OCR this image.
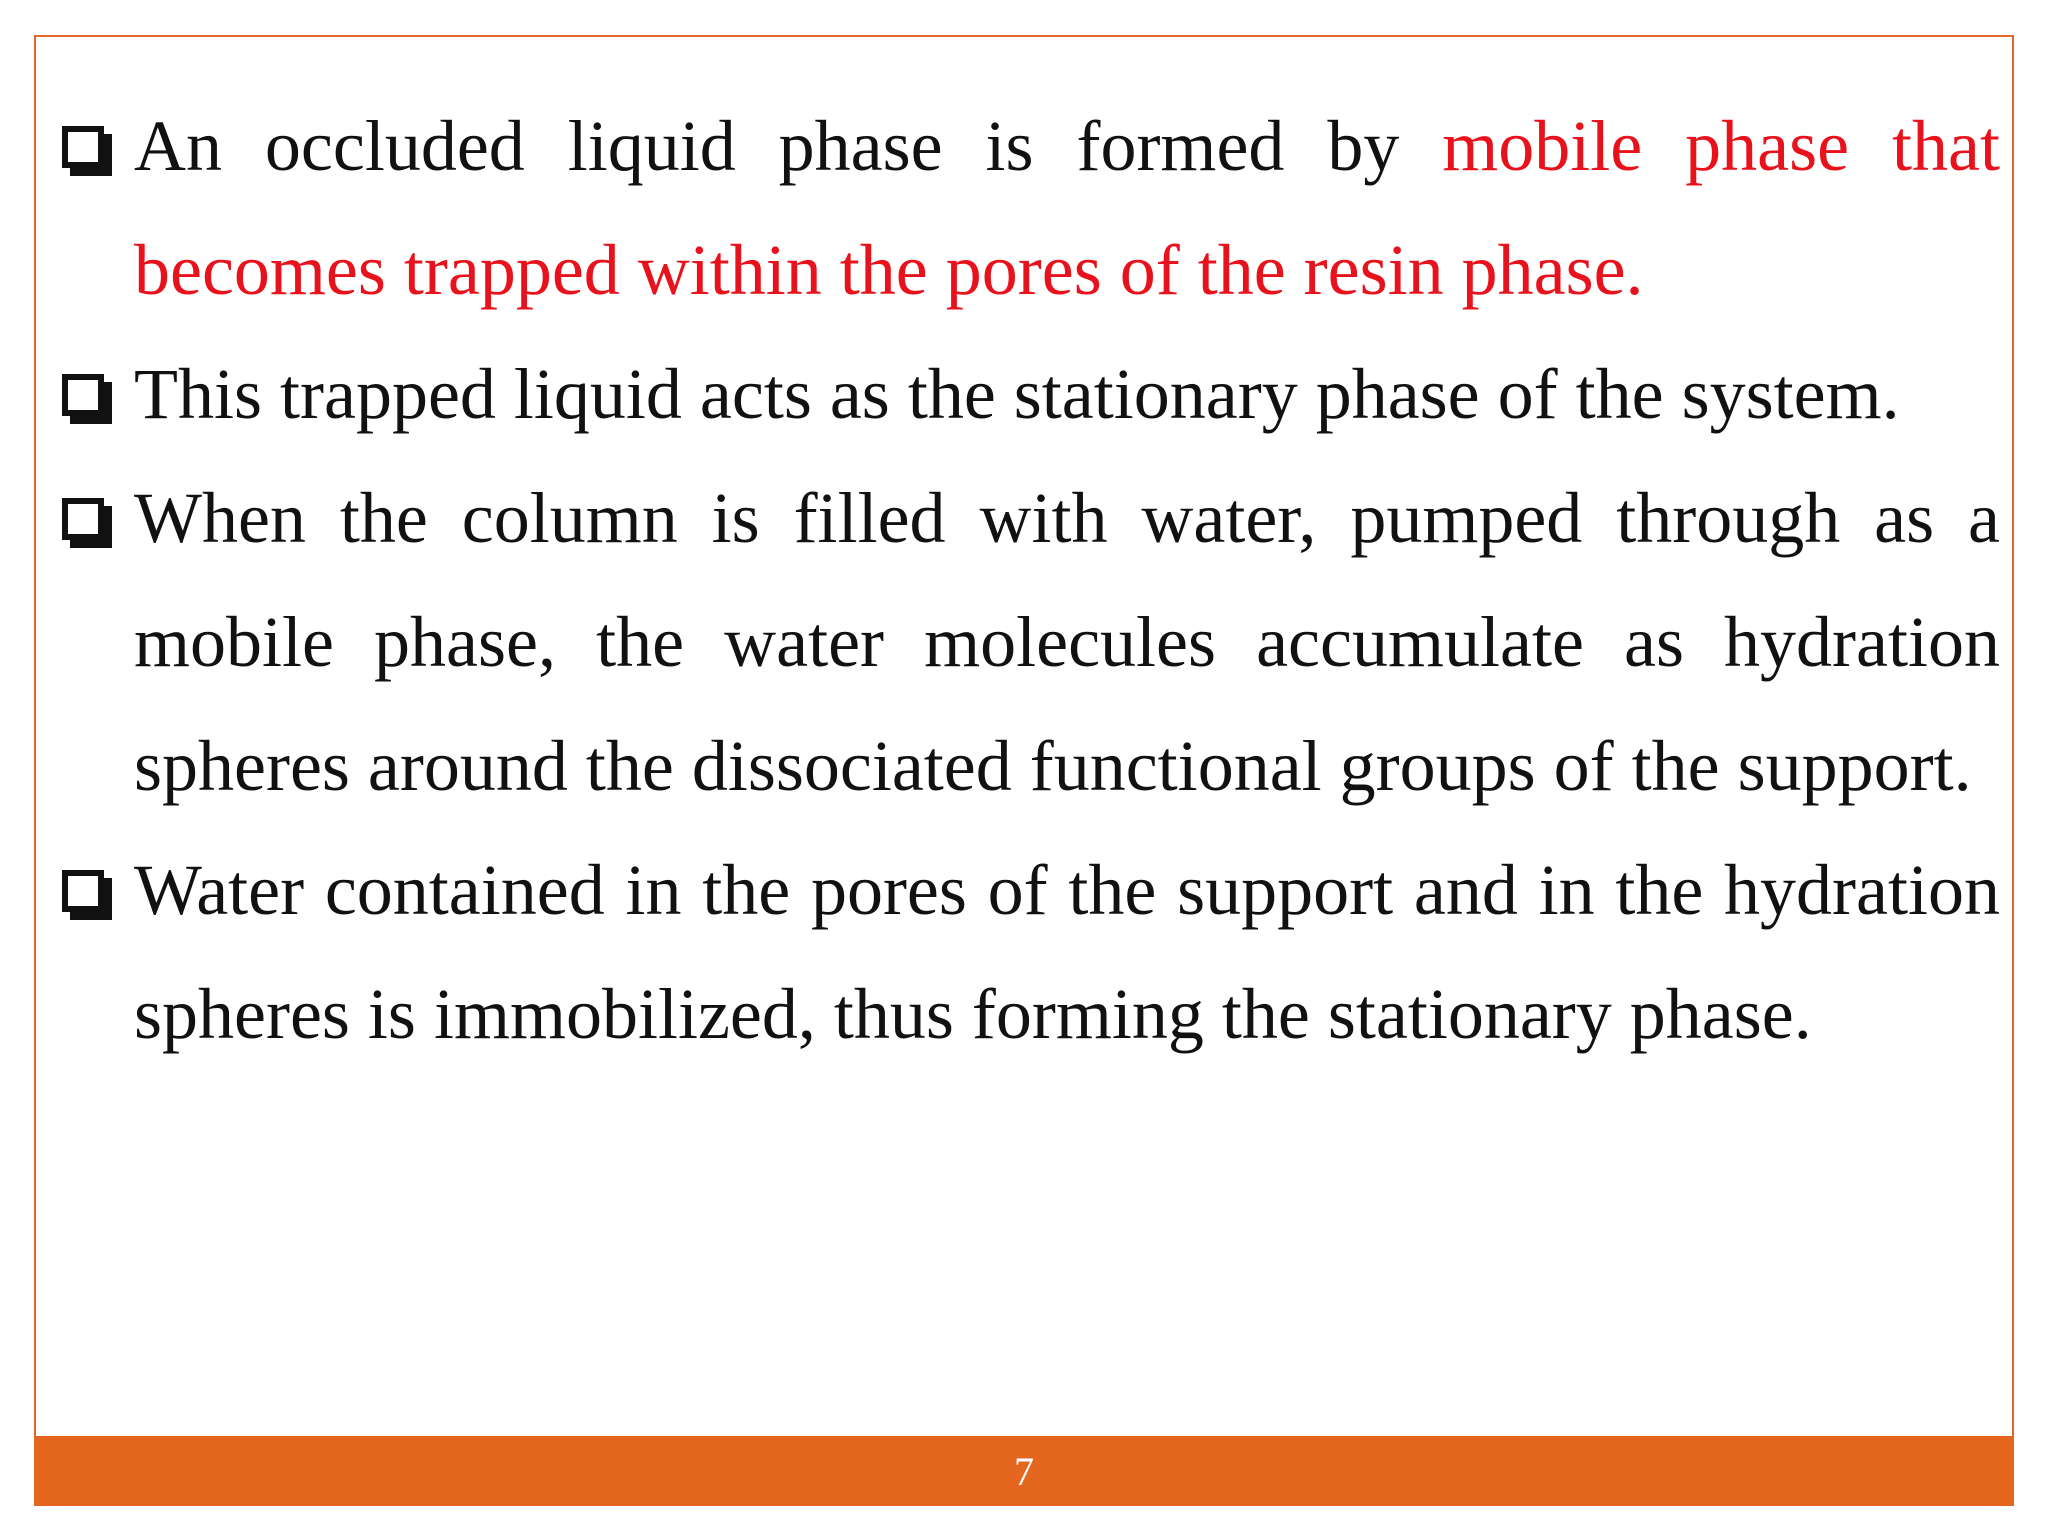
An occluded liquid phase is formed by mobile phase that becomes trapped within the pores of the resin phase.
This trapped liquid acts as the stationary phase of the system.
When the column is filled with water, pumped through as a mobile phase, the water molecules accumulate as hydration spheres around the dissociated functional groups of the support.
Water contained in the pores of the support and in the hydration spheres is immobilized, thus forming the stationary phase.
7
